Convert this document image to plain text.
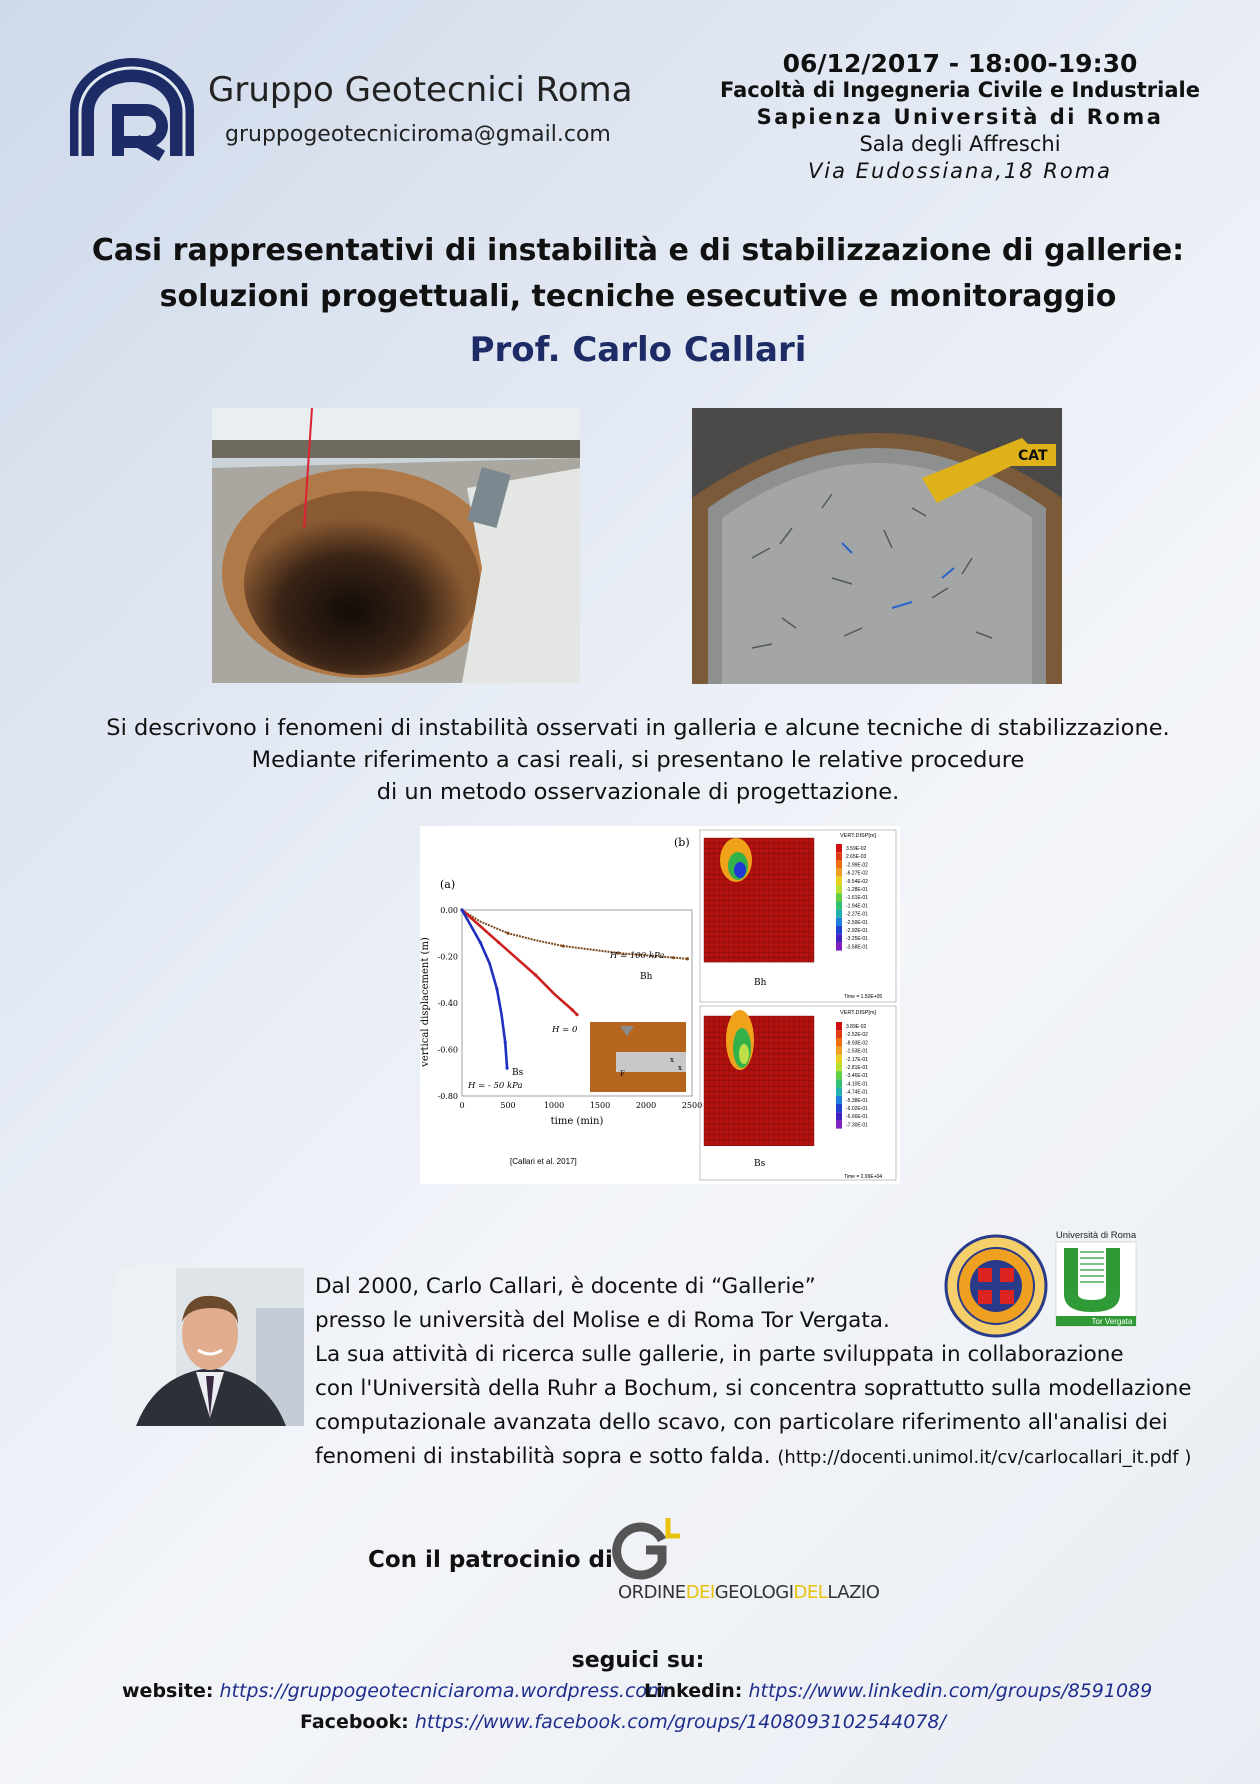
Gruppo Geotecnici Roma
gruppogeotecniciroma@gmail.com
06/12/2017 - 18:00-19:30
Facoltà di Ingegneria Civile e Industriale
Sapienza Università di Roma
Sala degli Affreschi
Via Eudossiana,18 Roma
Casi rappresentativi di instabilità e di stabilizzazione di gallerie:
soluzioni progettuali, tecniche esecutive e monitoraggio
Prof. Carlo Callari
CAT
Si descrivono i fenomeni di instabilità osservati in galleria e alcune tecniche di stabilizzazione.
Mediante riferimento a casi reali, si presentano le relative procedure
di un metodo osservazionale di progettazione.
(b)
(a)
0	500	1000	1500	2000	2500
0.00
-0.20
-0.40
-0.60
-0.80
time (min)
vertical displacement (m)	H = 100 kPa
Bh
H = 0
H = - 50 kPa
Bs
x
x
F
[Callari et al. 2017]
Bh
VERT.DISP[m]
3.59E-02
2.65E-03
-2.99E-02
-6.27E-02
-9.54E-02
-1.28E-01
-1.61E-01
-1.94E-01
-2.27E-01
-2.59E-01
-2.92E-01
-3.25E-01
-3.58E-01
Time = 1.50E+05
Bs
VERT.DISP[m]
3.89E-02
-2.52E-02
-8.93E-02
-1.53E-01
-2.17E-01
-2.81E-01
-3.46E-01
-4.10E-01
-4.74E-01
-5.38E-01
-6.02E-01
-6.66E-01
-7.30E-01
Time = 2.99E+04
Dal 2000, Carlo Callari, è docente di “Gallerie”
presso le università del Molise e di Roma Tor Vergata.
La sua attività di ricerca sulle gallerie, in parte sviluppata in collaborazione
con l'Università della Ruhr a Bochum, si concentra soprattutto sulla modellazione
computazionale avanzata dello scavo, con particolare riferimento all'analisi dei
fenomeni di instabilità sopra e sotto falda. (http://docenti.unimol.it/cv/carlocallari_it.pdf )
Università di Roma
Tor Vergata
Con il patrocinio di
ORDINEDEIGEOLOGIDELLAZIO
seguici su:
website: https://gruppogeotecniciaroma.wordpress.com
Linkedin: https://www.linkedin.com/groups/8591089
Facebook: https://www.facebook.com/groups/1408093102544078/
